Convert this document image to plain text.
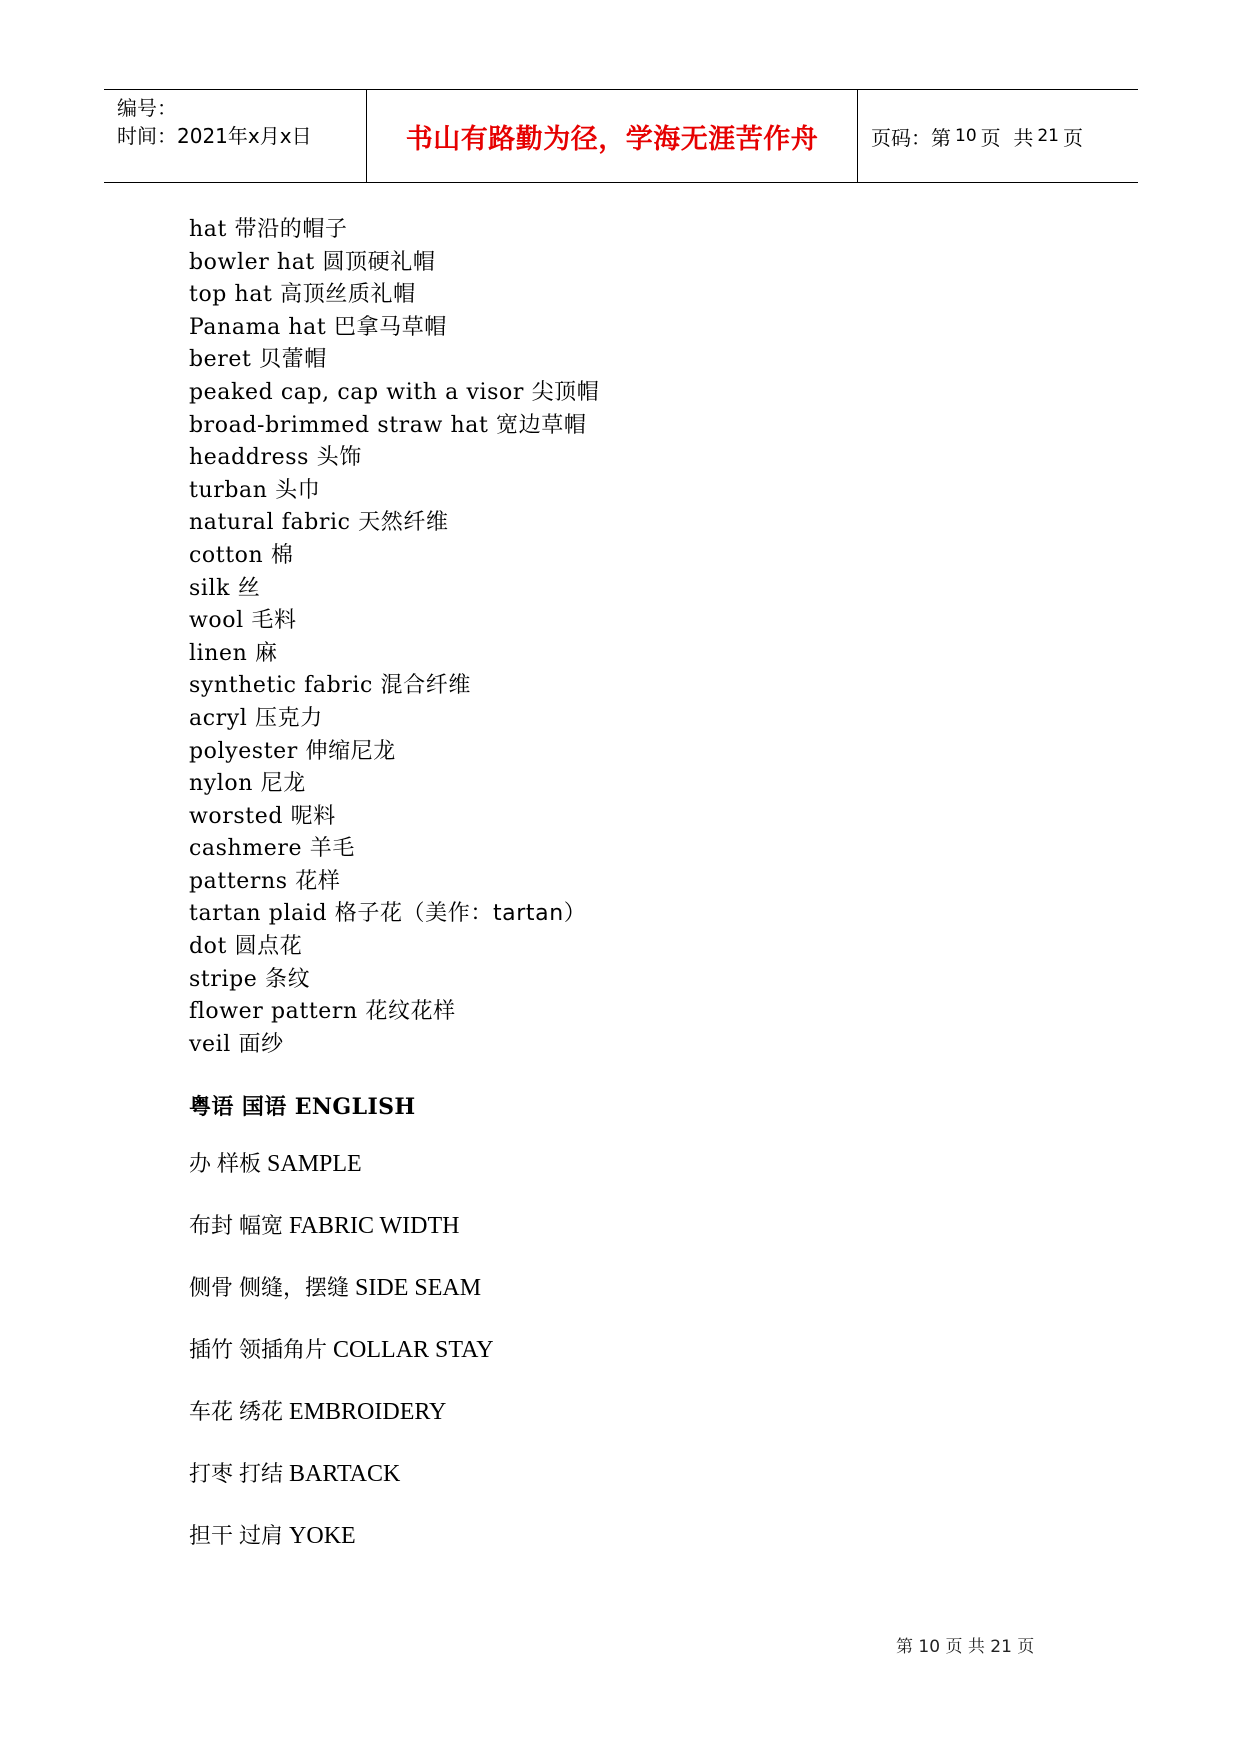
编号：
时间：2021年x月x日	书山有路勤为径，学海无涯苦作舟	页码：第 10 页  共 21 页
hat 带沿的帽子
bowler hat 圆顶硬礼帽
top hat 高顶丝质礼帽
Panama hat 巴拿马草帽
beret 贝蕾帽
peaked cap, cap with a visor 尖顶帽
broad-brimmed straw hat 宽边草帽
headdress 头饰
turban 头巾
natural fabric 天然纤维
cotton 棉
silk 丝
wool 毛料
linen 麻
synthetic fabric 混合纤维
acryl 压克力
polyester 伸缩尼龙
nylon 尼龙
worsted 呢料
cashmere 羊毛
patterns 花样
tartan plaid 格子花（美作：tartan）
dot 圆点花
stripe 条纹
flower pattern 花纹花样
veil 面纱
粤语 国语 ENGLISH
办 样板 SAMPLE
布封 幅宽 FABRIC WIDTH
侧骨 侧缝，摆缝 SIDE SEAM
插竹 领插角片 COLLAR STAY
车花 绣花 EMBROIDERY
打枣 打结 BARTACK
担干 过肩 YOKE
第 10 页 共 21 页
